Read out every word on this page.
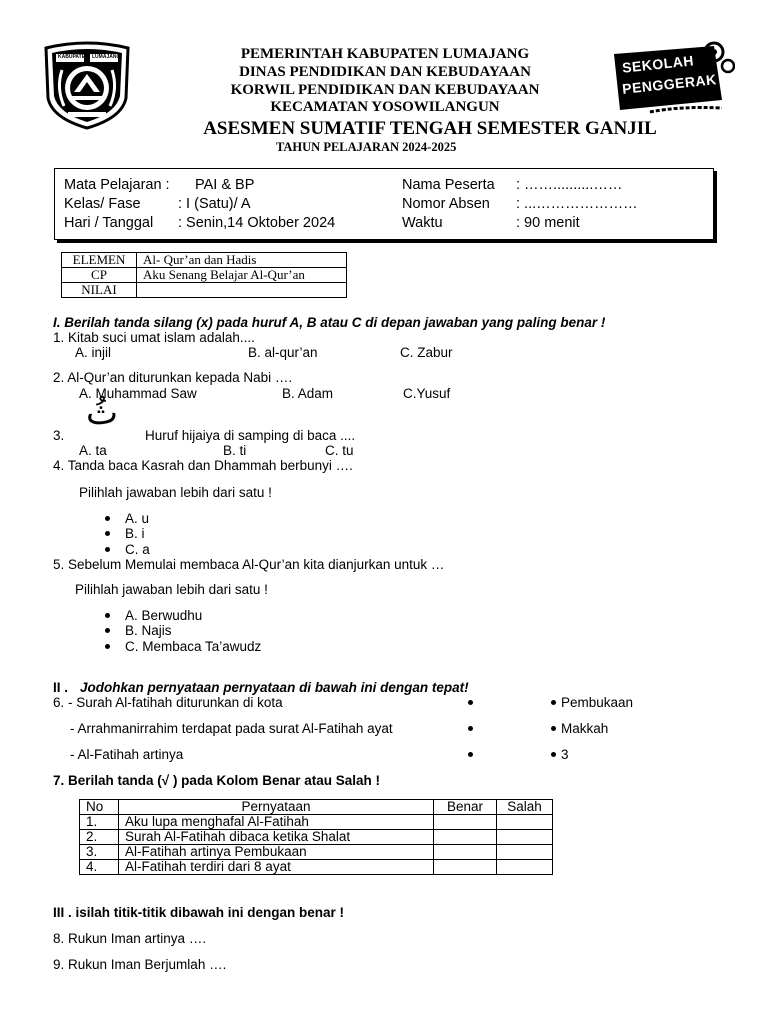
KABUPATEN LUMAJANG	PEMERINTAH KABUPATEN LUMAJANG
DINAS PENDIDIKAN DAN KEBUDAYAAN
KORWIL PENDIDIKAN DAN KEBUDAYAAN
KECAMATAN YOSOWILANGUN
SEKOLAH
PENGGERAK
ASESMEN SUMATIF TENGAH SEMESTER GANJIL
TAHUN PELAJARAN 2024-2025
Mata Pelajaran : PAI & BP
Kelas/ Fase	: I (Satu)/ A
Hari / Tanggal : Senin,14 Oktober 2024
Nama Peserta : ……..........……
Nomor Absen : ...…………………
Waktu	: 90 menit
ELEMEN	Al- Qur’an dan Hadis
CP	Aku Senang Belajar Al-Qur’an
NILAI	
I. Berilah tanda silang (x) pada huruf A, B atau C di depan jawaban yang paling benar !
1. Kitab suci umat islam adalah....
A. injil	B. al-qur’an	C. Zabur
2. Al-Qur’an diturunkan kepada Nabi ….
A. Muhammad Saw	B. Adam	C.Yusuf
3.
ثُ
Huruf hijaiya di samping di baca ....
A. ta	B. ti	C. tu
4. Tanda baca Kasrah dan Dhammah berbunyi ….
Pilihlah jawaban lebih dari satu !
A. u
B. i
C. a
5. Sebelum Memulai membaca Al-Qur’an kita dianjurkan untuk …
Pilihlah jawaban lebih dari satu !
A. Berwudhu
B. Najis
C. Membaca Ta’awudz
II . Jodohkan pernyataan pernyataan di bawah ini dengan tepat!
6. - Surah Al-fatihah diturunkan di kota	Pembukaan
- Arrahmanirrahim terdapat pada surat Al-Fatihah ayat	Makkah
- Al-Fatihah artinya	3
7. Berilah tanda (√ ) pada Kolom Benar atau Salah !
No	Pernyataan	Benar	Salah
1.	Aku lupa menghafal Al-Fatihah		
2.	Surah Al-Fatihah dibaca ketika Shalat		
3.	Al-Fatihah artinya Pembukaan		
4.	Al-Fatihah terdiri dari 8 ayat		
III . isilah titik-titik dibawah ini dengan benar !
8. Rukun Iman artinya ….
9. Rukun Iman Berjumlah ….
